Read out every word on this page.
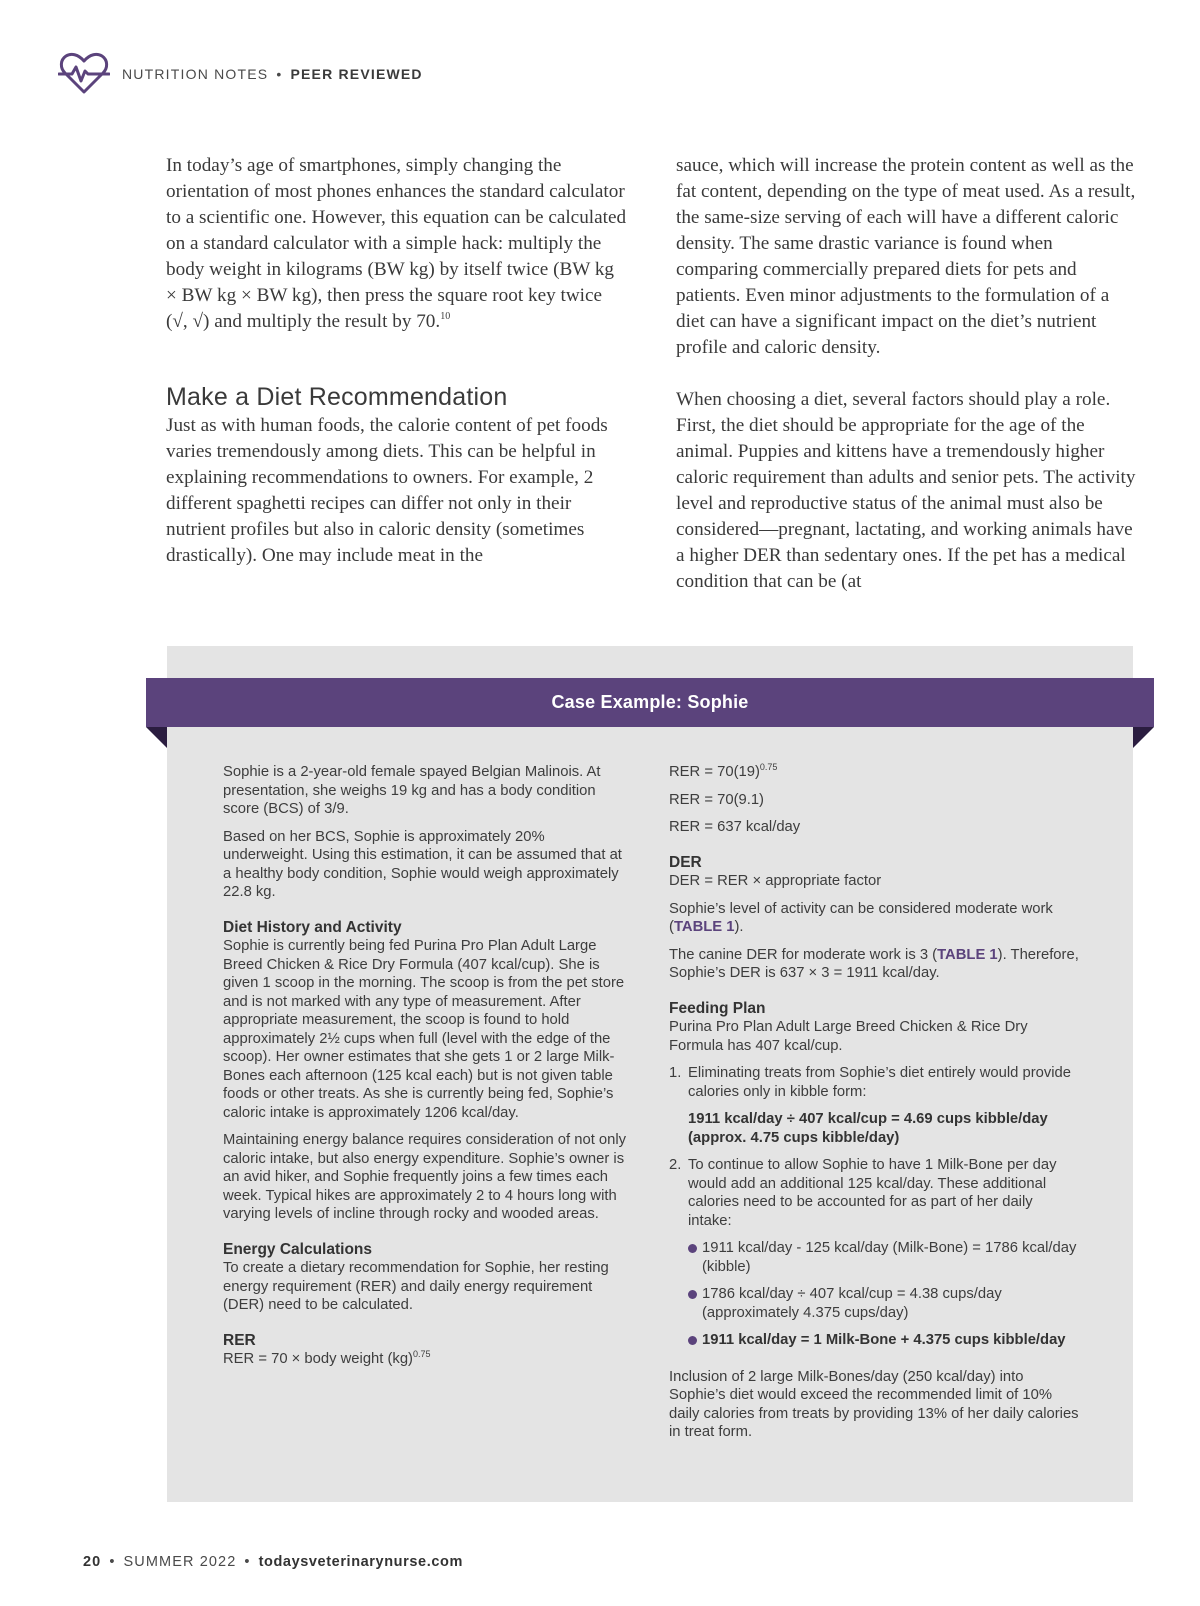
NUTRITION NOTES • PEER REVIEWED

In today’s age of smartphones, simply changing the orientation of most phones enhances the standard calculator to a scientific one. However, this equation can be calculated on a standard calculator with a simple hack: multiply the body weight in kilograms (BW kg) by itself twice (BW kg × BW kg × BW kg), then press the square root key twice (√, √) and multiply the result by 70.10

Make a Diet Recommendation

Just as with human foods, the calorie content of pet foods varies tremendously among diets. This can be helpful in explaining recommendations to owners. For example, 2 different spaghetti recipes can differ not only in their nutrient profiles but also in caloric density (sometimes drastically). One may include meat in the

sauce, which will increase the protein content as well as the fat content, depending on the type of meat used. As a result, the same-size serving of each will have a different caloric density. The same drastic variance is found when comparing commercially prepared diets for pets and patients. Even minor adjustments to the formulation of a diet can have a significant impact on the diet’s nutrient profile and caloric density.

When choosing a diet, several factors should play a role. First, the diet should be appropriate for the age of the animal. Puppies and kittens have a tremendously higher caloric requirement than adults and senior pets. The activity level and reproductive status of the animal must also be considered—pregnant, lactating, and working animals have a higher DER than sedentary ones. If the pet has a medical condition that can be (at

Case Example: Sophie

Sophie is a 2-year-old female spayed Belgian Malinois. At presentation, she weighs 19 kg and has a body condition score (BCS) of 3/9.

Based on her BCS, Sophie is approximately 20% underweight. Using this estimation, it can be assumed that at a healthy body condition, Sophie would weigh approximately 22.8 kg.

Diet History and Activity

Sophie is currently being fed Purina Pro Plan Adult Large Breed Chicken & Rice Dry Formula (407 kcal/cup). She is given 1 scoop in the morning. The scoop is from the pet store and is not marked with any type of measurement. After appropriate measurement, the scoop is found to hold approximately 2½ cups when full (level with the edge of the scoop). Her owner estimates that she gets 1 or 2 large Milk-Bones each afternoon (125 kcal each) but is not given table foods or other treats. As she is currently being fed, Sophie’s caloric intake is approximately 1206 kcal/day.

Maintaining energy balance requires consideration of not only caloric intake, but also energy expenditure. Sophie’s owner is an avid hiker, and Sophie frequently joins a few times each week. Typical hikes are approximately 2 to 4 hours long with varying levels of incline through rocky and wooded areas.

Energy Calculations

To create a dietary recommendation for Sophie, her resting energy requirement (RER) and daily energy requirement (DER) need to be calculated.

RER

RER = 70 × body weight (kg)$^{0.75}$

RER = $70(19)^{0.75}$

RER = 70(9.1)

RER = 637 kcal/day

DER

DER = RER × appropriate factor

Sophie’s level of activity can be considered moderate work (TABLE 1).

The canine DER for moderate work is 3 (TABLE 1). Therefore, Sophie’s DER is 637 × 3 = 1911 kcal/day.

Feeding Plan

Purina Pro Plan Adult Large Breed Chicken & Rice Dry Formula has 407 kcal/cup.

1. Eliminating treats from Sophie’s diet entirely would provide calories only in kibble form:
1911 kcal/day ÷ 407 kcal/cup = 4.69 cups kibble/day (approx. 4.75 cups kibble/day)
2. To continue to allow Sophie to have 1 Milk-Bone per day would add an additional 125 kcal/day. These additional calories need to be accounted for as part of her daily intake:
1911 kcal/day - 125 kcal/day (Milk-Bone) = 1786 kcal/day (kibble)
1786 kcal/day ÷ 407 kcal/cup = 4.38 cups/day (approximately 4.375 cups/day)
1911 kcal/day = 1 Milk-Bone + 4.375 cups kibble/day

Inclusion of 2 large Milk-Bones/day (250 kcal/day) into Sophie’s diet would exceed the recommended limit of 10% daily calories from treats by providing 13% of her daily calories in treat form.

20 • SUMMER 2022 • todaysveterinarynurse.com
